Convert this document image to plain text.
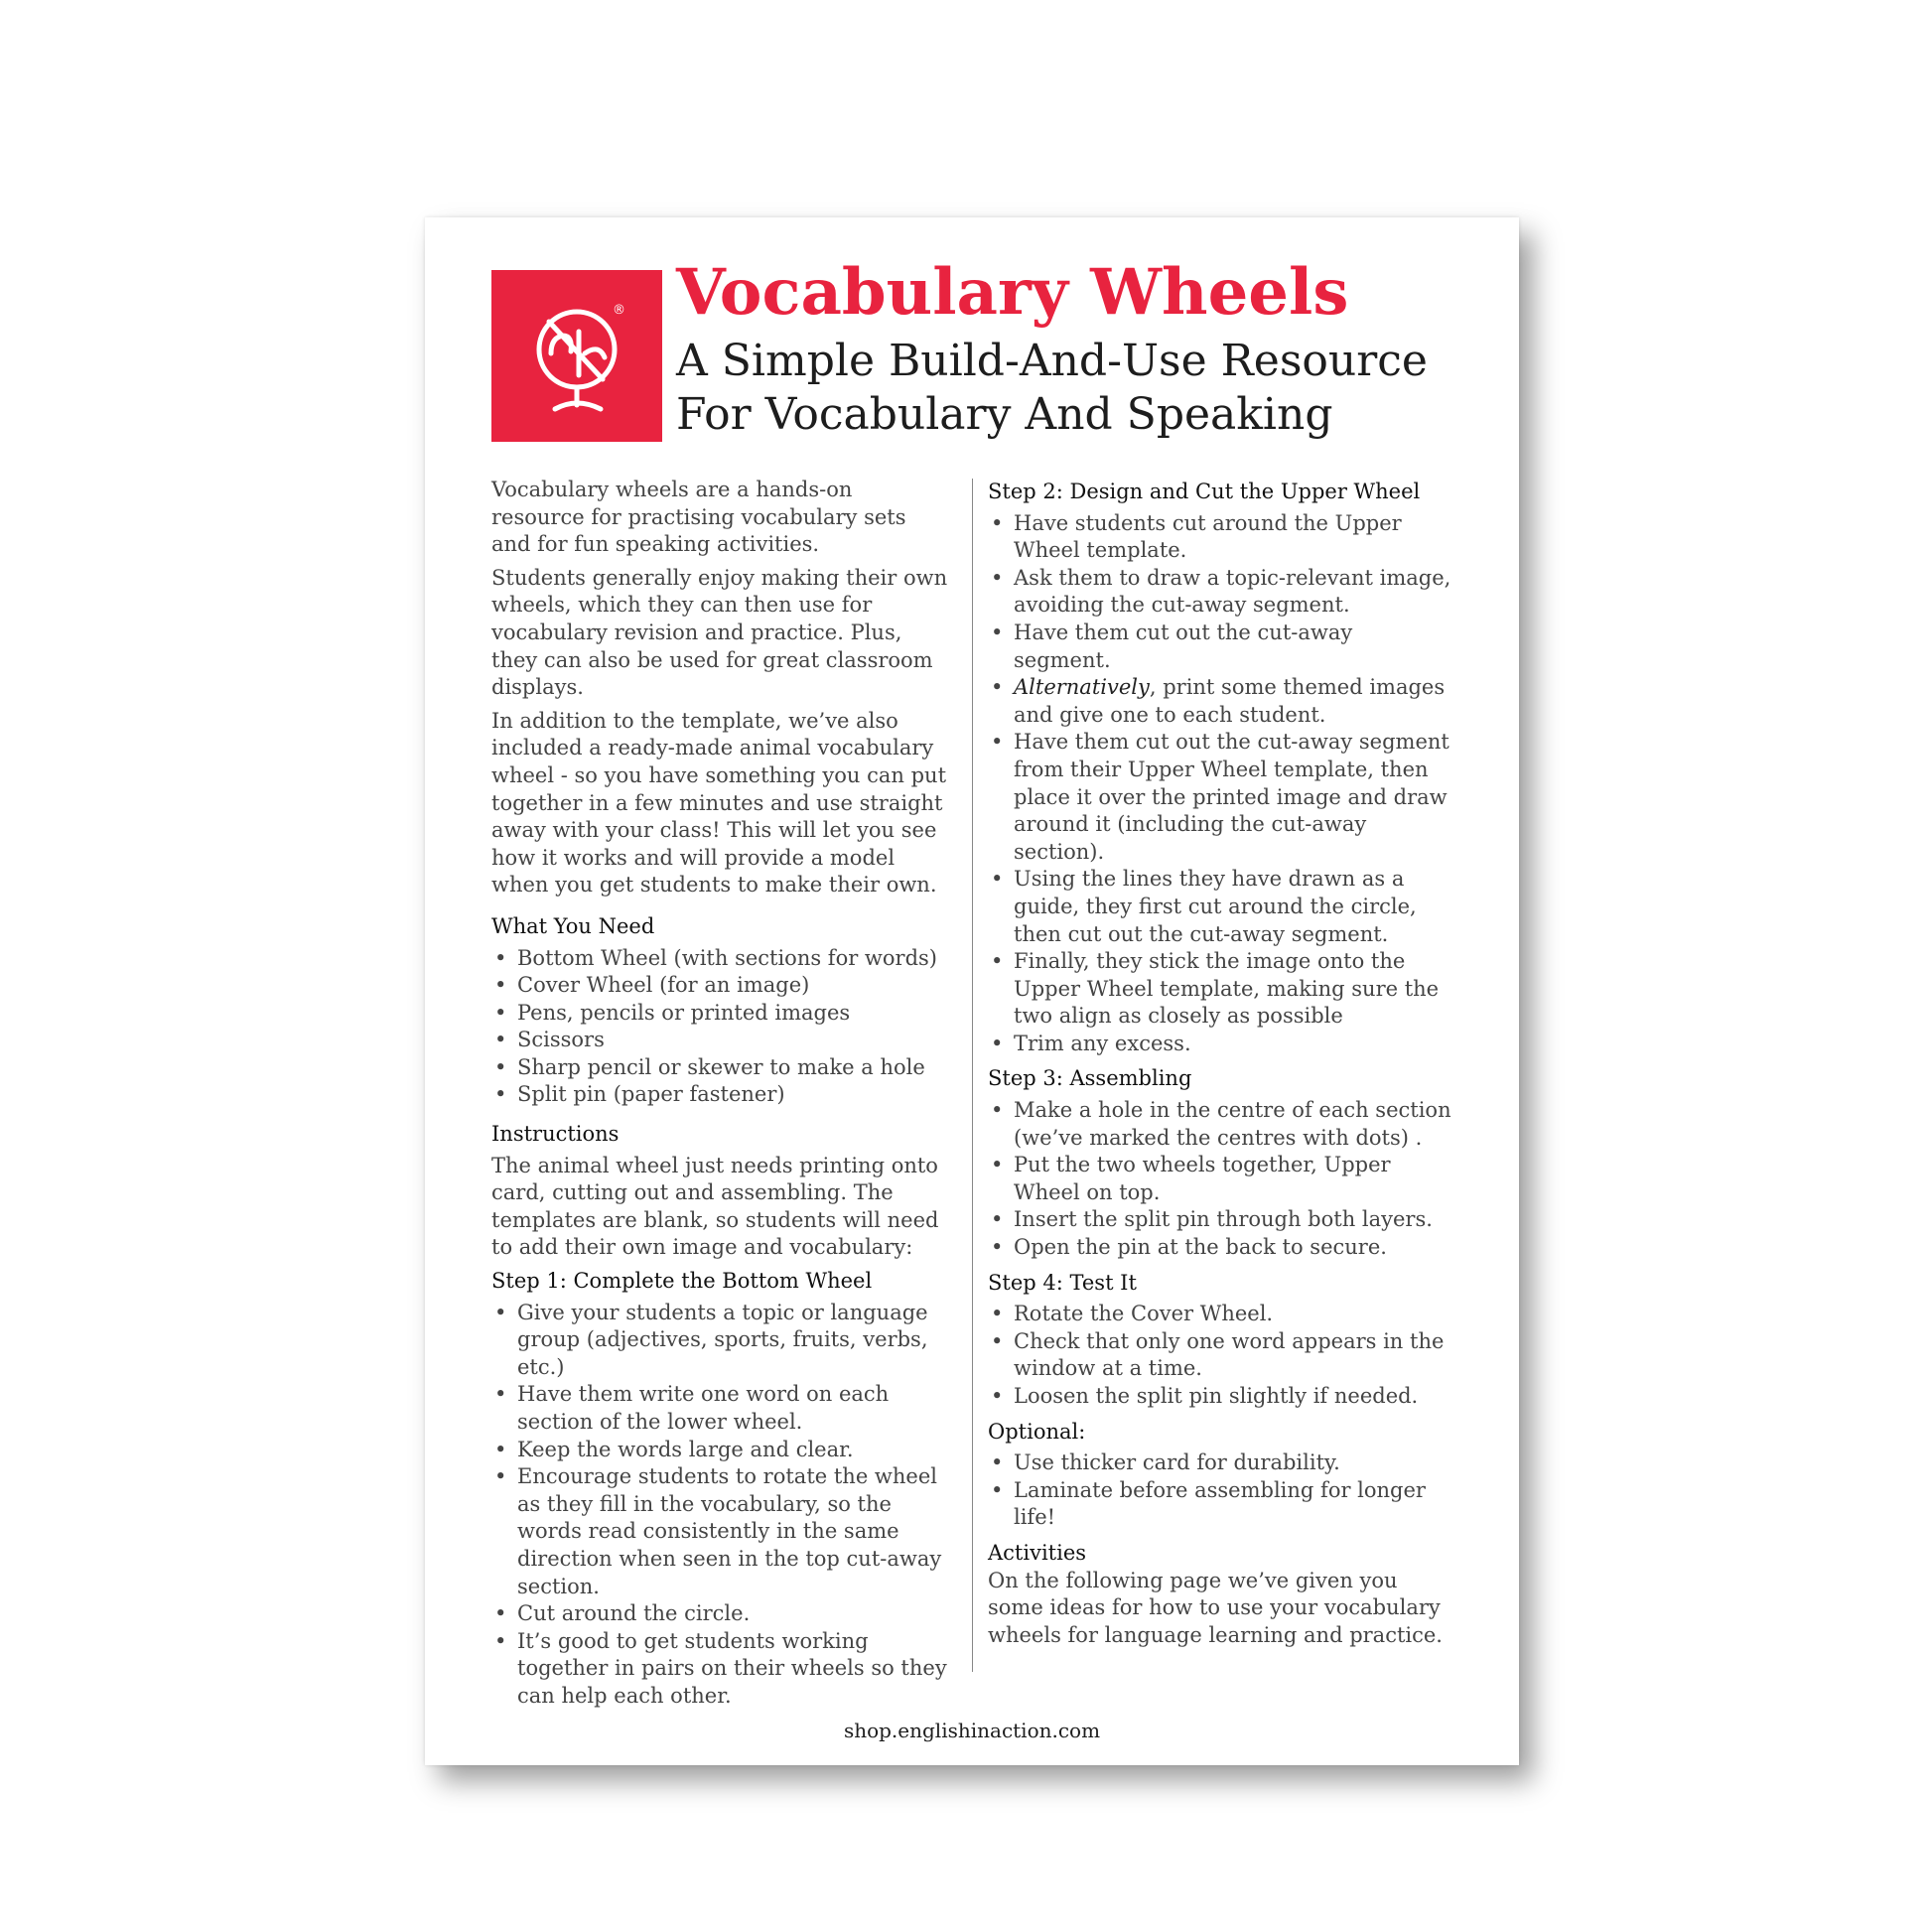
® Vocabulary Wheels
A Simple Build-And-Use Resource
For Vocabulary And Speaking

Vocabulary wheels are a hands-on resource for practising vocabulary sets and for fun speaking activities.

Students generally enjoy making their own wheels, which they can then use for vocabulary revision and practice. Plus, they can also be used for great classroom displays.

In addition to the template, we’ve also included a ready-made animal vocabulary wheel - so you have something you can put together in a few minutes and use straight away with your class! This will let you see how it works and will provide a model when you get students to make their own.

What You Need
• Bottom Wheel (with sections for words)
• Cover Wheel (for an image)
• Pens, pencils or printed images
• Scissors
• Sharp pencil or skewer to make a hole
• Split pin (paper fastener)
Instructions

The animal wheel just needs printing onto card, cutting out and assembling. The templates are blank, so students will need to add their own image and vocabulary:

Step 1: Complete the Bottom Wheel
• Give your students a topic or language group (adjectives, sports, fruits, verbs, etc.)
• Have them write one word on each section of the lower wheel.
• Keep the words large and clear.
• Encourage students to rotate the wheel as they fill in the vocabulary, so the words read consistently in the same direction when seen in the top cut-away section.
• Cut around the circle.
• It’s good to get students working together in pairs on their wheels so they can help each other.
Step 2: Design and Cut the Upper Wheel
• Have students cut around the Upper Wheel template.
• Ask them to draw a topic-relevant image, avoiding the cut-away segment.
• Have them cut out the cut-away segment.
• Alternatively, print some themed images and give one to each student.
• Have them cut out the cut-away segment from their Upper Wheel template, then place it over the printed image and draw around it (including the cut-away section).
• Using the lines they have drawn as a guide, they first cut around the circle, then cut out the cut-away segment.
• Finally, they stick the image onto the Upper Wheel template, making sure the two align as closely as possible
• Trim any excess.
Step 3: Assembling
• Make a hole in the centre of each section (we’ve marked the centres with dots) .
• Put the two wheels together, Upper Wheel on top.
• Insert the split pin through both layers.
• Open the pin at the back to secure.
Step 4: Test It
• Rotate the Cover Wheel.
• Check that only one word appears in the window at a time.
• Loosen the split pin slightly if needed.
Optional:
• Use thicker card for durability.
• Laminate before assembling for longer life!
Activities

On the following page we’ve given you some ideas for how to use your vocabulary wheels for language learning and practice.

shop.englishinaction.com
